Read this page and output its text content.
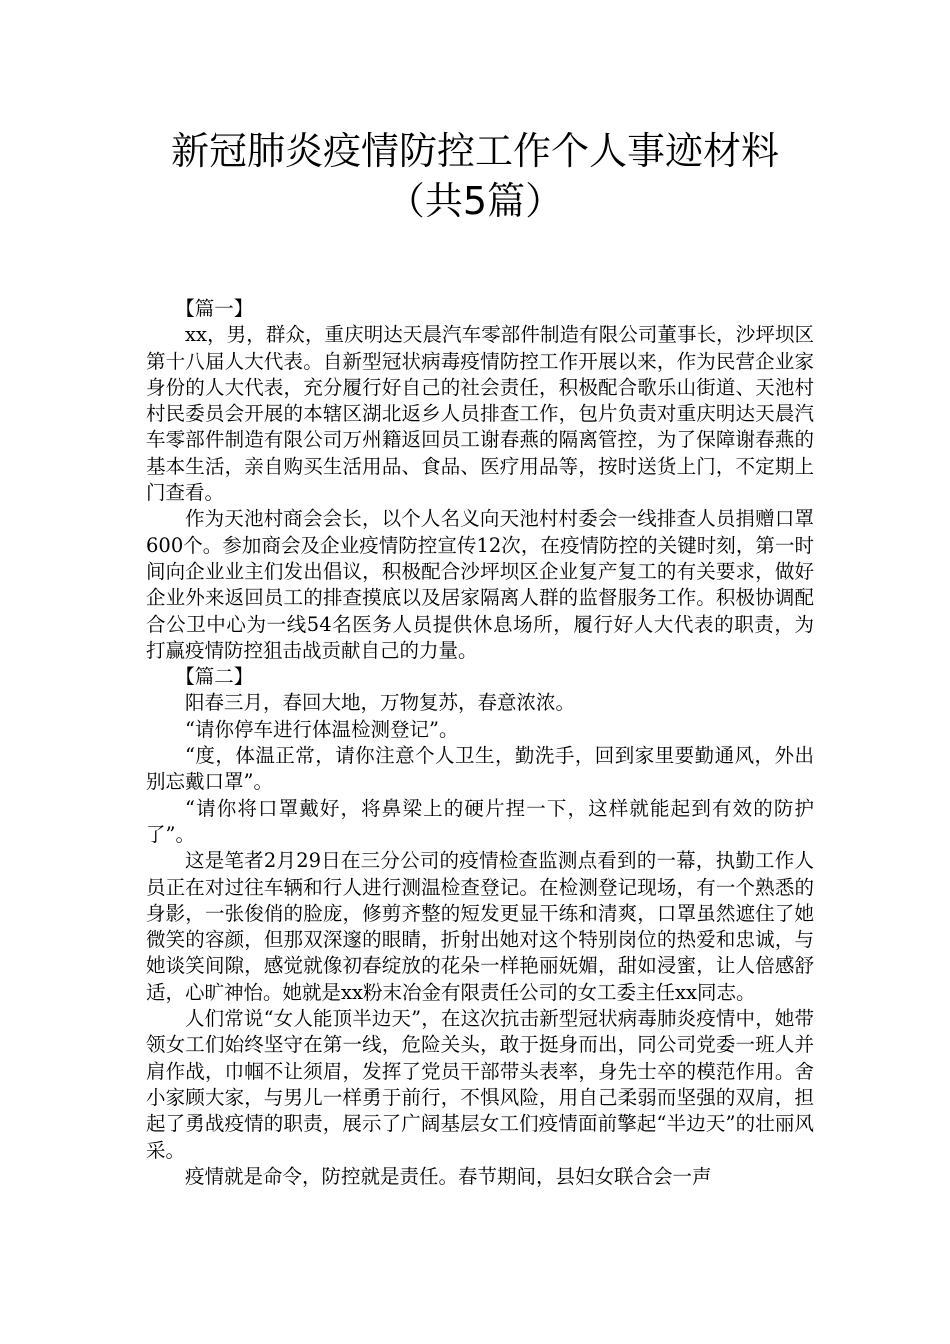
新冠肺炎疫情防控工作个人事迹材料
（共5篇）

【篇一】

xx，男，群众，重庆明达天晨汽车零部件制造有限公司董事长，沙坪坝区第十八届人大代表。自新型冠状病毒疫情防控工作开展以来，作为民营企业家身份的人大代表，充分履行好自己的社会责任，积极配合歌乐山街道、天池村村民委员会开展的本辖区湖北返乡人员排查工作，包片负责对重庆明达天晨汽车零部件制造有限公司万州籍返回员工谢春燕的隔离管控，为了保障谢春燕的基本生活，亲自购买生活用品、食品、医疗用品等，按时送货上门，不定期上门查看。

作为天池村商会会长，以个人名义向天池村村委会一线排查人员捐赠口罩600个。参加商会及企业疫情防控宣传12次，在疫情防控的关键时刻，第一时间向企业业主们发出倡议，积极配合沙坪坝区企业复产复工的有关要求，做好企业外来返回员工的排查摸底以及居家隔离人群的监督服务工作。积极协调配合公卫中心为一线54名医务人员提供休息场所，履行好人大代表的职责，为打赢疫情防控狙击战贡献自己的力量。

【篇二】

阳春三月，春回大地，万物复苏，春意浓浓。

“请你停车进行体温检测登记”。

“度，体温正常，请你注意个人卫生，勤洗手，回到家里要勤通风，外出别忘戴口罩”。

“请你将口罩戴好，将鼻梁上的硬片捏一下，这样就能起到有效的防护了”。

这是笔者2月29日在三分公司的疫情检查监测点看到的一幕，执勤工作人员正在对过往车辆和行人进行测温检查登记。在检测登记现场，有一个熟悉的身影，一张俊俏的脸庞，修剪齐整的短发更显干练和清爽，口罩虽然遮住了她微笑的容颜，但那双深邃的眼睛，折射出她对这个特别岗位的热爱和忠诚，与她谈笑间隙，感觉就像初春绽放的花朵一样艳丽妩媚，甜如浸蜜，让人倍感舒适，心旷神怡。她就是xx粉末冶金有限责任公司的女工委主任xx同志。

人们常说“女人能顶半边天”，在这次抗击新型冠状病毒肺炎疫情中，她带领女工们始终坚守在第一线，危险关头，敢于挺身而出，同公司党委一班人并肩作战，巾帼不让须眉，发挥了党员干部带头表率，身先士卒的模范作用。舍小家顾大家，与男儿一样勇于前行，不惧风险，用自己柔弱而坚强的双肩，担起了勇战疫情的职责，展示了广阔基层女工们疫情面前擎起“半边天”的壮丽风采。

疫情就是命令，防控就是责任。春节期间，县妇女联合会一声
